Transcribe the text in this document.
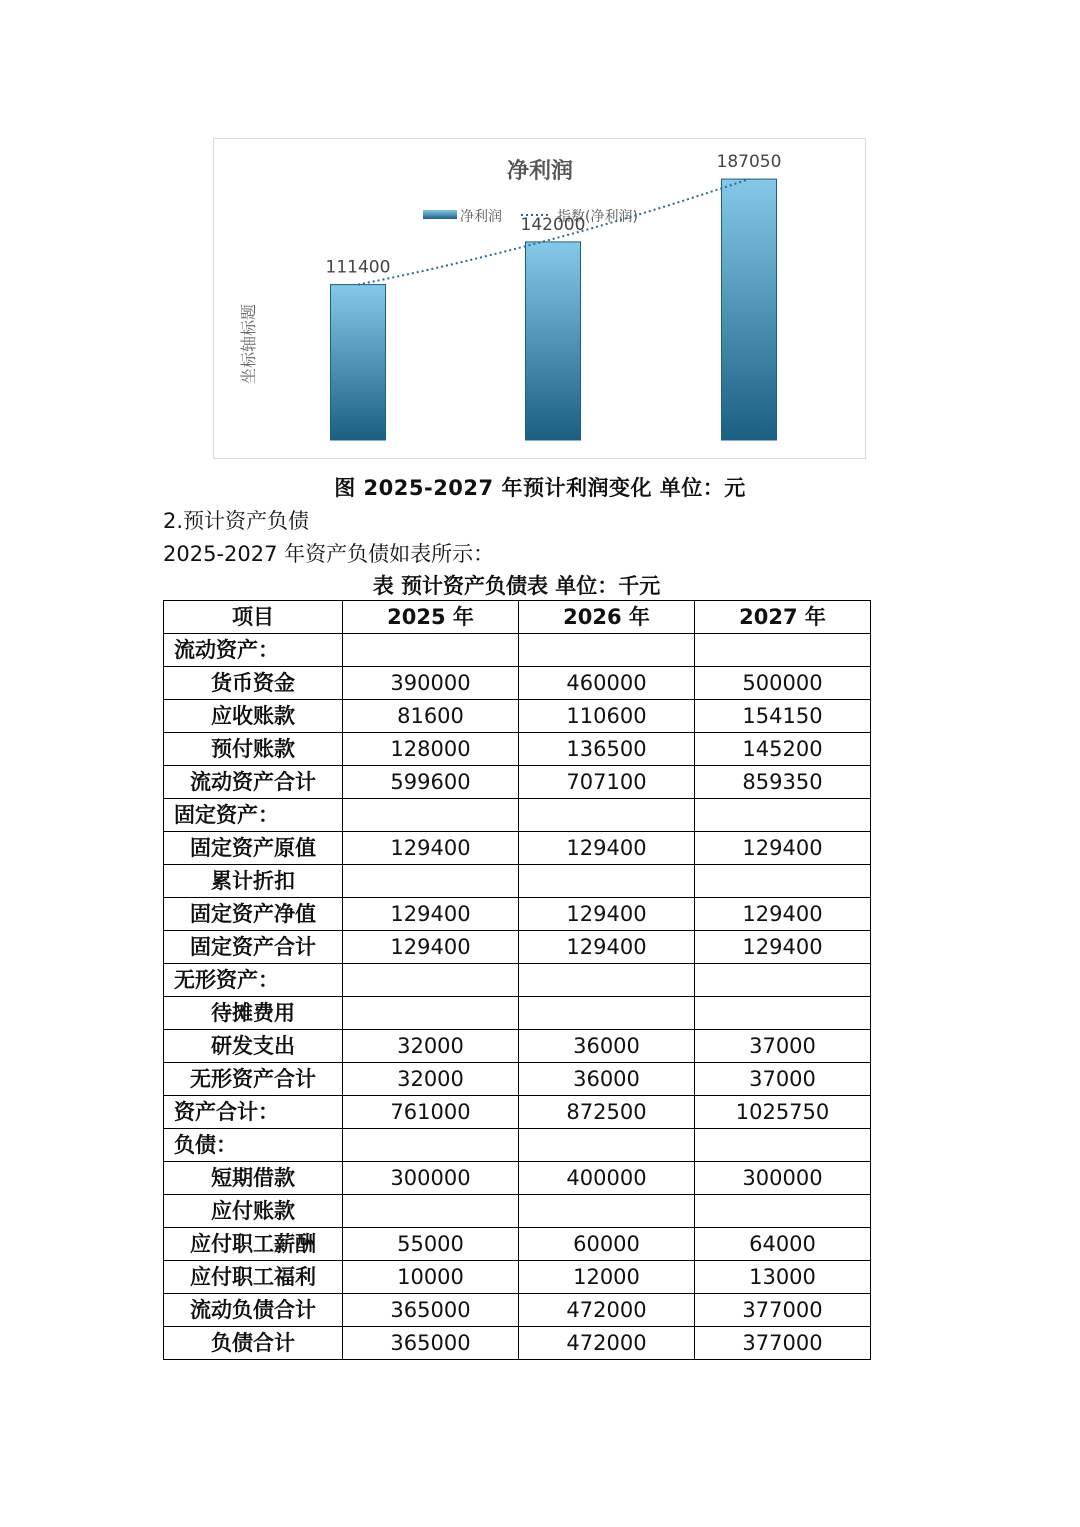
净利润
净利润	指数(净利润)
坐标轴标题
111400
142000
187050
图 2025-2027 年预计利润变化 单位：元
2.预计资产负债
2025-2027 年资产负债如表所示：
表 预计资产负债表 单位：千元
项目	2025 年	2026 年	2027 年
流动资产：			
货币资金	390000	460000	500000
应收账款	81600	110600	154150
预付账款	128000	136500	145200
流动资产合计	599600	707100	859350
固定资产：			
固定资产原值	129400	129400	129400
累计折扣			
固定资产净值	129400	129400	129400
固定资产合计	129400	129400	129400
无形资产：			
待摊费用			
研发支出	32000	36000	37000
无形资产合计	32000	36000	37000
资产合计：	761000	872500	1025750
负债：			
短期借款	300000	400000	300000
应付账款			
应付职工薪酬	55000	60000	64000
应付职工福利	10000	12000	13000
流动负债合计	365000	472000	377000
负债合计	365000	472000	377000
